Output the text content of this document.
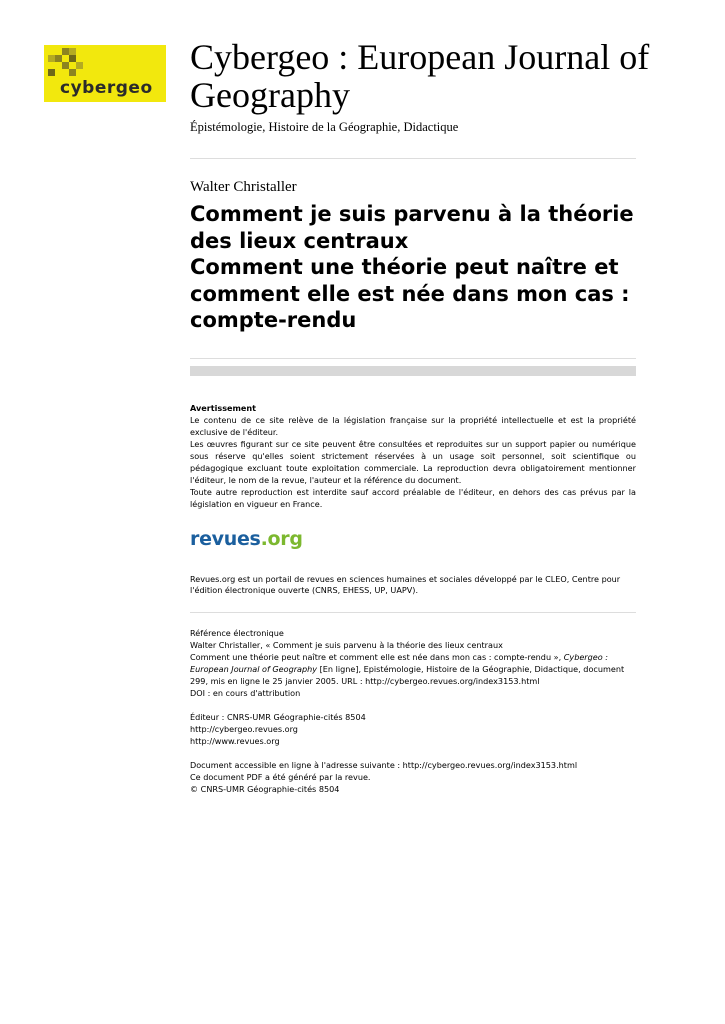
cybergeo
Cybergeo : European Journal of Geography
Épistémologie, Histoire de la Géographie, Didactique
Walter Christaller
Comment je suis parvenu à la théorie des lieux centraux
Comment une théorie peut naître et comment elle est née dans mon cas : compte-rendu
Avertissement
Le contenu de ce site relève de la législation française sur la propriété intellectuelle et est la propriété exclusive de l'éditeur.
Les œuvres figurant sur ce site peuvent être consultées et reproduites sur un support papier ou numérique sous réserve qu'elles soient strictement réservées à un usage soit personnel, soit scientifique ou pédagogique excluant toute exploitation commerciale. La reproduction devra obligatoirement mentionner l'éditeur, le nom de la revue, l'auteur et la référence du document.
Toute autre reproduction est interdite sauf accord préalable de l'éditeur, en dehors des cas prévus par la législation en vigueur en France.
revues.org
Revues.org est un portail de revues en sciences humaines et sociales développé par le CLEO, Centre pour l'édition électronique ouverte (CNRS, EHESS, UP, UAPV).

Référence électronique

Walter Christaller, « Comment je suis parvenu à la théorie des lieux centraux

Comment une théorie peut naître et comment elle est née dans mon cas : compte-rendu », Cybergeo : European Journal of Geography [En ligne], Epistémologie, Histoire de la Géographie, Didactique, document 299, mis en ligne le 25 janvier 2005. URL : http://cybergeo.revues.org/index3153.html

DOI : en cours d'attribution

Éditeur : CNRS-UMR Géographie-cités 8504

http://cybergeo.revues.org

http://www.revues.org

Document accessible en ligne à l'adresse suivante : http://cybergeo.revues.org/index3153.html

Ce document PDF a été généré par la revue.

© CNRS-UMR Géographie-cités 8504
